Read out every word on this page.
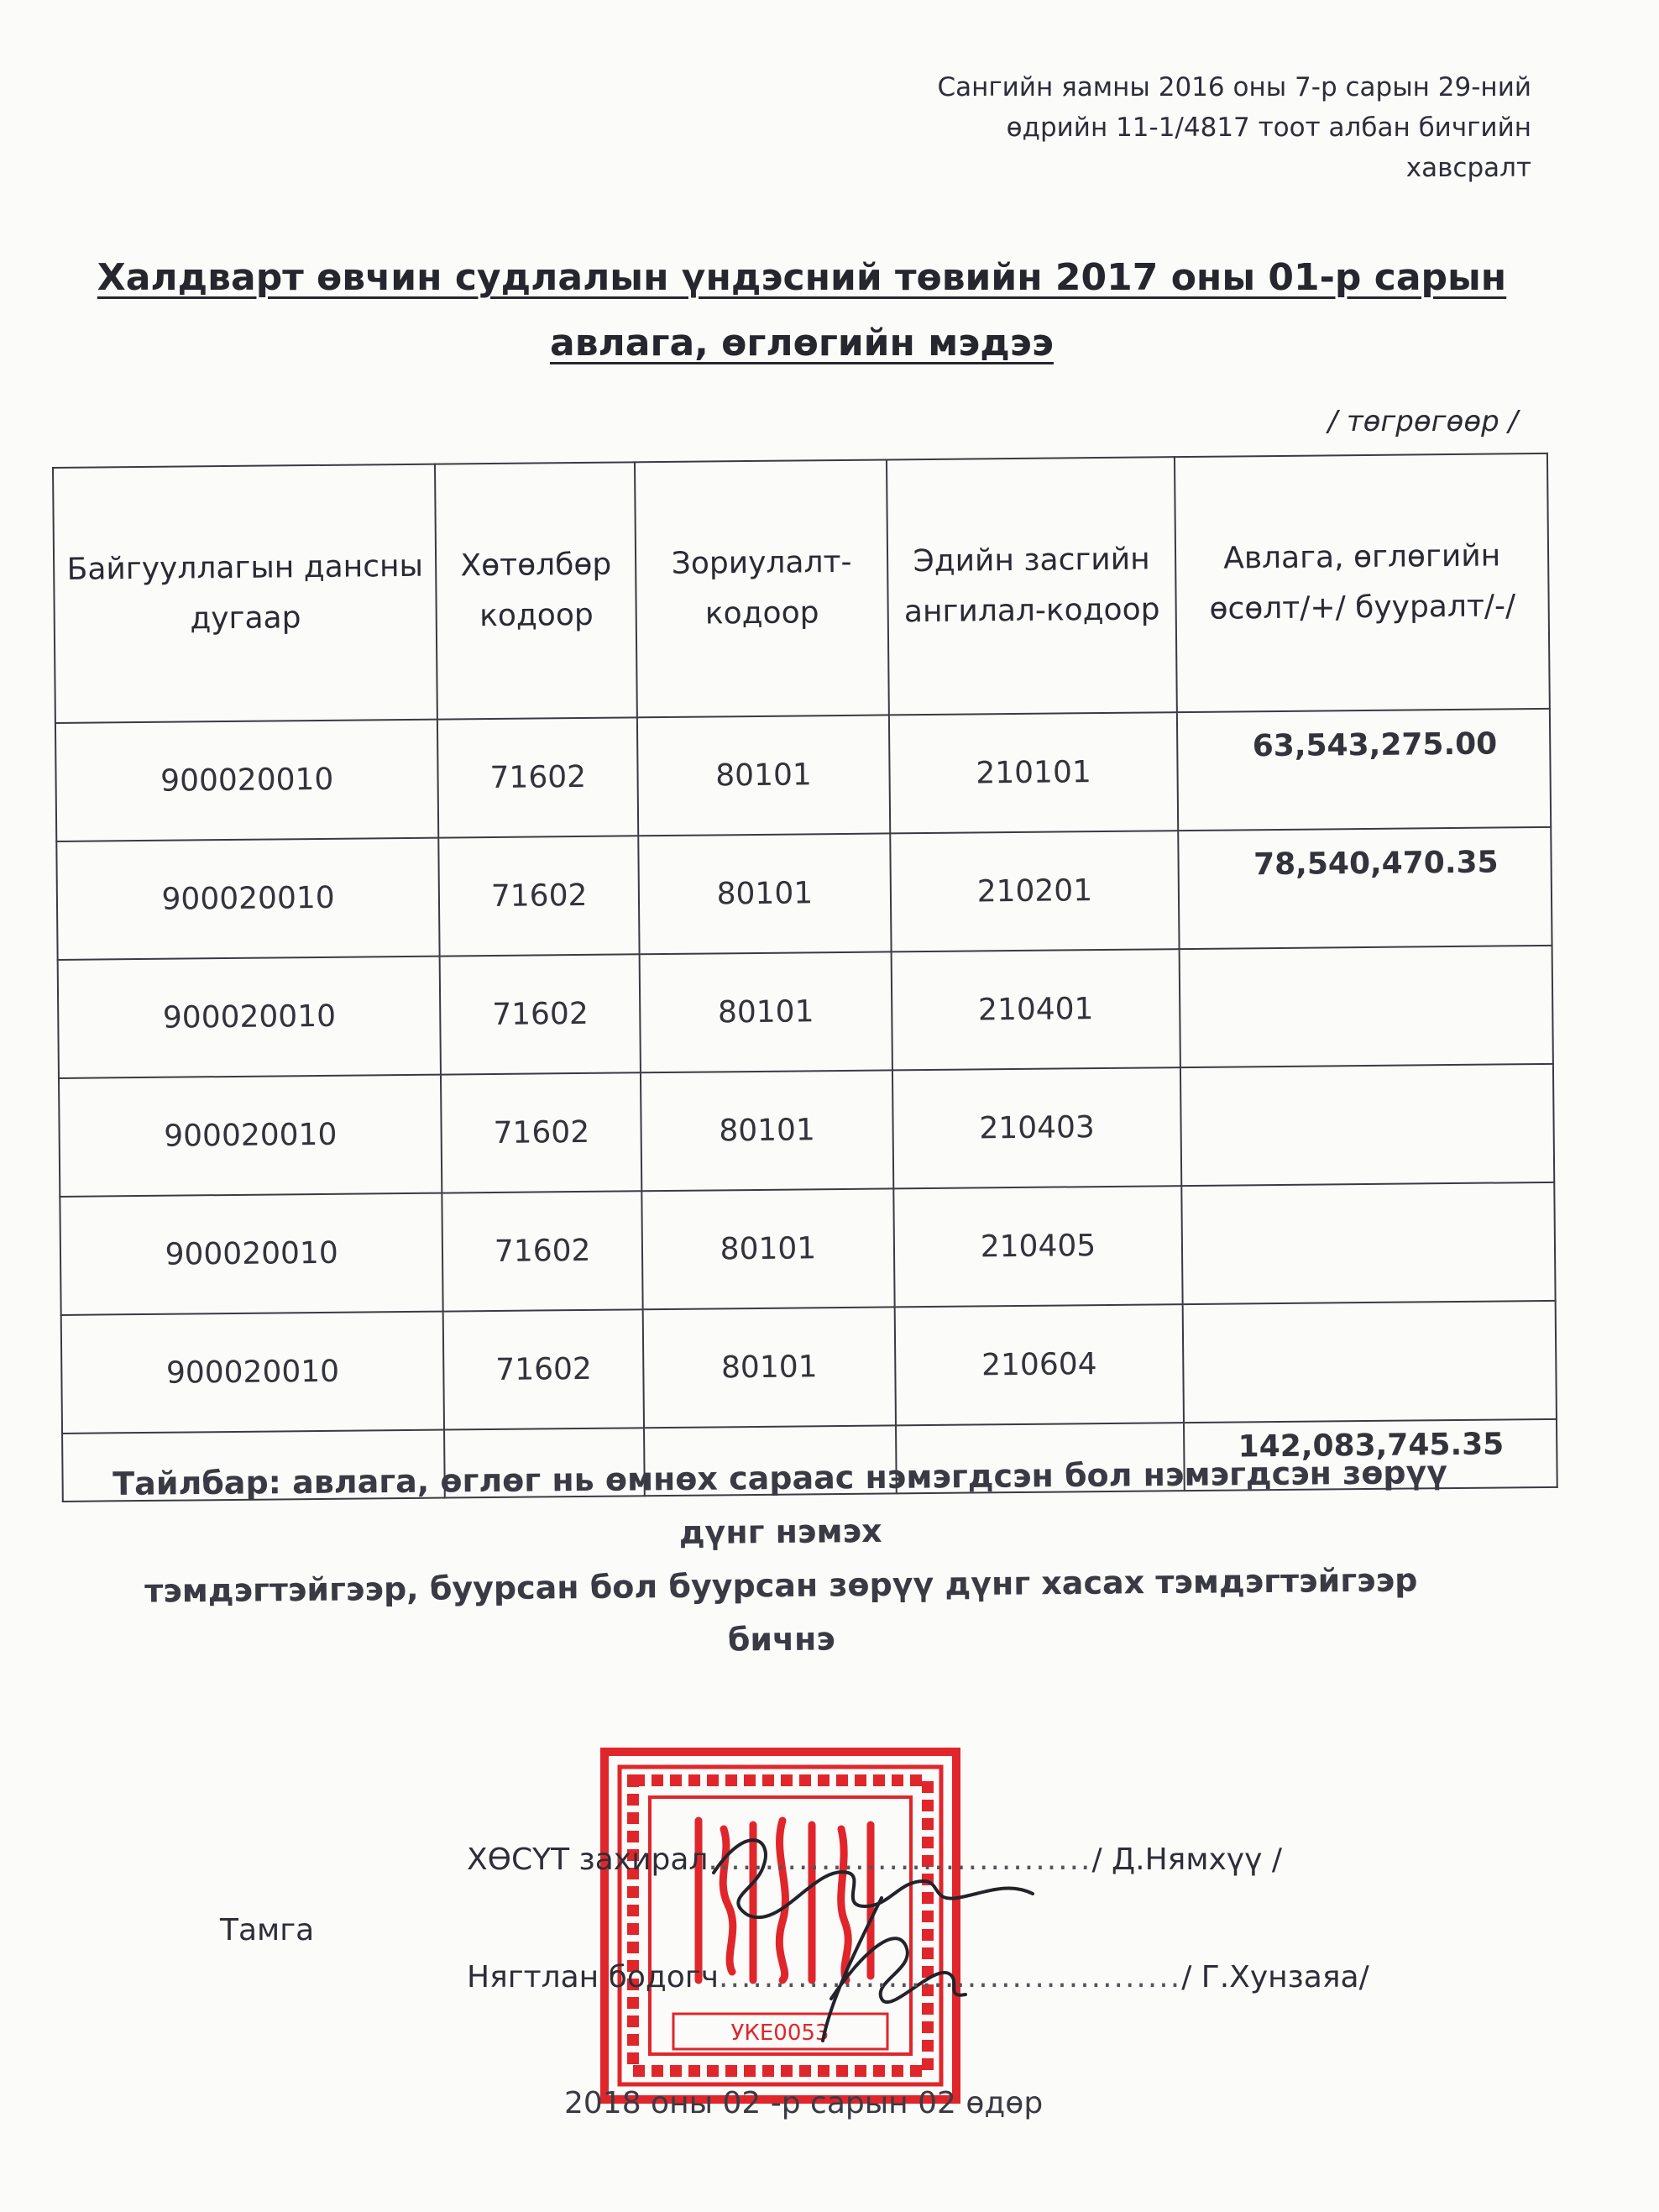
Сангийн яамны 2016 оны 7-р сарын 29-ний
өдрийн 11-1/4817 тоот албан бичгийн
хавсралт
Халдварт өвчин судлалын үндэсний төвийн 2017 оны 01-р сарын
авлага, өглөгийн мэдээ
/ төгрөгөөр /
Байгууллагын дансны дугаар	Хөтөлбөр кодоор	Зориулалт-кодоор	Эдийн засгийн ангилал-кодоор	Авлага, өглөгийн өсөлт/+/ бууралт/-/
900020010	71602	80101	210101	63,543,275.00
900020010	71602	80101	210201	78,540,470.35
900020010	71602	80101	210401	
900020010	71602	80101	210403	
900020010	71602	80101	210405	
900020010	71602	80101	210604	
				142,083,745.35
Тайлбар: авлага, өглөг нь өмнөх сараас нэмэгдсэн бол нэмэгдсэн зөрүү дүнг нэмэх
тэмдэгтэйгээр, буурсан бол буурсан зөрүү дүнг хасах тэмдэгтэйгээр бичнэ
Тамга
УКЕ0053
ХӨСҮТ захирал................................../ Д.Нямхүү /
Нягтлан бодогч........................................./ Г.Хунзаяа/
2018 оны 02 -р сарын 02 өдөр
